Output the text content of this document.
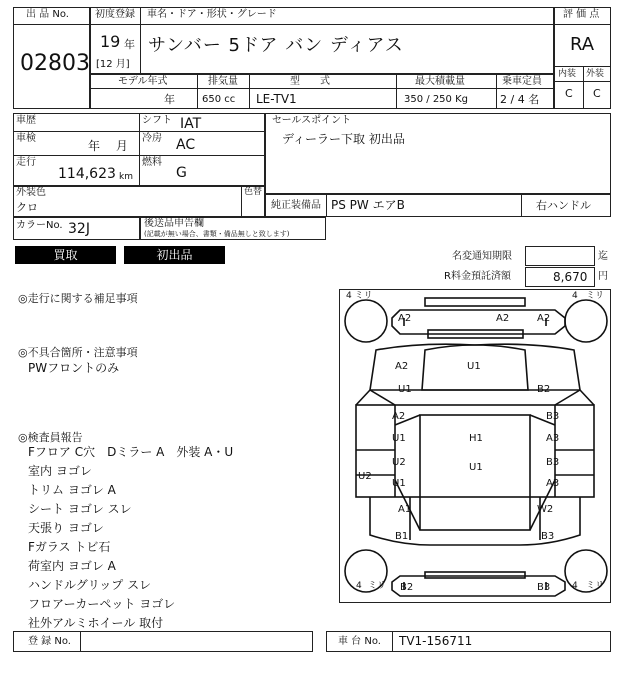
出 品 No.
02803
初度登録 車名・ドア・形状・グレード
19 年
[12 月]
サンバー 5ドア バン ディアス
評 価 点
RA
内装 外装
C C
モデル年式	排気量	型　　式	最大積載量	乗車定員
年	650 cc LE-TV1	350 / 250 Kg	2 / 4 名
車歴	シフト IAT
車検
年　 月
冷房 AC
走行
114,623 km
燃料
G
セールスポイント
ディーラー下取 初出品
外装色
クロ
色替
純正装備品 PS PW エアB	右ハンドル
カラーNo. 32J	後送品申告欄
(記載が無い場合、書類・備品無しと致します)
買取	初出品	名変通知期限	迄
R料金預託済額	8,670 円
◎走行に関する補足事項
◎不具合箇所・注意事項
PWフロントのみ
◎検査員報告
Fフロア C穴　Dミラー A　外装 A・U
室内 ヨゴレ
トリム ヨゴレ A
シート ヨゴレ スレ
天張り ヨゴレ
Fガラス トビ石
荷室内 ヨゴレ A
ハンドルグリップ スレ
フロアーカーペット ヨゴレ
社外アルミホイール 取付
4 ミリ	4 ミリ
4 ミリ	4 ミリ
A2	A2	A2
A2
U1
U1
B2
A2
U1	H1
B3
A3
U2
U2
U1
U1	B3
A3
A1
B1
W2
B3
B2	B3
登 録 No.	車 台 No. TV1-156711
